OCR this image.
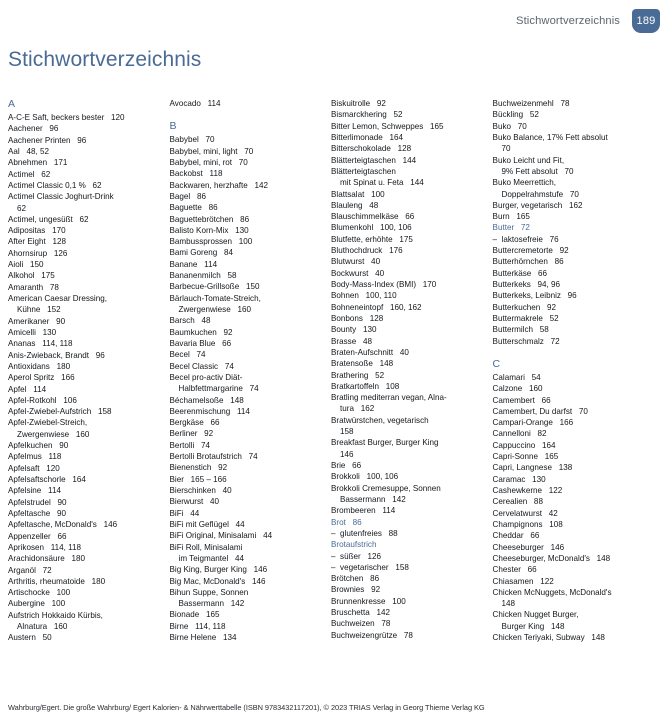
Stichwortverzeichnis	189
Stichwortverzeichnis
A
A-C-E Saft, beckers bester   120
Aachener   96
Aachener Printen   96
Aal   48, 52
Abnehmen   171
Actimel   62
Actimel Classic 0,1 %   62
Actimel Classic Joghurt-Drink
62
Actimel, ungesüßt   62
Adipositas   170
After Eight   128
Ahornsirup   126
Aioli   150
Alkohol   175
Amaranth   78
American Caesar Dressing,
Kühne   152
Amerikaner   90
Amicelli   130
Ananas   114, 118
Anis-Zwieback, Brandt   96
Antioxidans   180
Aperol Spritz   166
Apfel   114
Apfel-Rotkohl   106
Apfel-Zwiebel-Aufstrich   158
Apfel-Zwiebel-Streich,
Zwergenwiese   160
Apfelkuchen   90
Apfelmus   118
Apfelsaft   120
Apfelsaftschorle   164
Apfelsine   114
Apfelstrudel   90
Apfeltasche   90
Apfeltasche, McDonald's   146
Appenzeller   66
Aprikosen   114, 118
Arachidonsäure   180
Arganöl   72
Arthritis, rheumatoide   180
Artischocke   100
Aubergine   100
Aufstrich Hokkaido Kürbis,
Alnatura   160
Austern   50
Avocado   114
B
Babybel   70
Babybel, mini, light   70
Babybel, mini, rot   70
Backobst   118
Backwaren, herzhafte   142
Bagel   86
Baguette   86
Baguettebrötchen   86
Balisto Korn-Mix   130
Bambussprossen   100
Bami Goreng   84
Banane   114
Bananenmilch   58
Barbecue-Grillsoße   150
Bärlauch-Tomate-Streich,
Zwergenwiese   160
Barsch   48
Baumkuchen   92
Bavaria Blue   66
Becel   74
Becel Classic   74
Becel pro-activ Diät-
Halbfettmargarine   74
Béchamelsoße   148
Beerenmischung   114
Bergkäse   66
Berliner   92
Bertolli   74
Bertolli Brotaufstrich   74
Bienenstich   92
Bier   165 – 166
Bierschinken   40
Bierwurst   40
BiFi   44
BiFi mit Geflügel   44
BiFi Original, Minisalami   44
BiFi Roll, Minisalami
im Teigmantel   44
Big King, Burger King   146
Big Mac, McDonald's   146
Bihun Suppe, Sonnen
Bassermann   142
Bionade   165
Birne   114, 118
Birne Helene   134
Biskuitrolle   92
Bismarckhering   52
Bitter Lemon, Schweppes   165
Bitterlimonade   164
Bitterschokolade   128
Blätterteigtaschen   144
Blätterteigtaschen
mit Spinat u. Feta   144
Blattsalat   100
Blauleng   48
Blauschimmelkäse   66
Blumenkohl   100, 106
Blutfette, erhöhte   175
Bluthochdruck   176
Blutwurst   40
Bockwurst   40
Body-Mass-Index (BMI)   170
Bohnen   100, 110
Bohneneintopf   160, 162
Bonbons   128
Bounty   130
Brasse   48
Braten-Aufschnitt   40
Bratensoße   148
Brathering   52
Bratkartoffeln   108
Bratling mediterran vegan, Alna-
tura   162
Bratwürstchen, vegetarisch
158
Breakfast Burger, Burger King
146
Brie   66
Brokkoli   100, 106
Brokkoli Cremesuppe, Sonnen
Bassermann   142
Brombeeren   114
Brot   86
–  glutenfreies   88
Brotaufstrich
–  süßer   126
–  vegetarischer   158
Brötchen   86
Brownies   92
Brunnenkresse   100
Bruschetta   142
Buchweizen   78
Buchweizengrütze   78
Buchweizenmehl   78
Bückling   52
Buko   70
Buko Balance, 17% Fett absolut
70
Buko Leicht und Fit,
9% Fett absolut   70
Buko Meerrettich,
Doppelrahmstufe   70
Burger, vegetarisch   162
Burn   165
Butter   72
–  laktosefreie   76
Buttercremetorte   92
Butterhörnchen   86
Butterkäse   66
Butterkeks   94, 96
Butterkeks, Leibniz   96
Butterkuchen   92
Buttermakrele   52
Buttermilch   58
Butterschmalz   72
C
Calamari   54
Calzone   160
Camembert   66
Camembert, Du darfst   70
Campari-Orange   166
Cannelloni   82
Cappuccino   164
Capri-Sonne   165
Capri, Langnese   138
Caramac   130
Cashewkerne   122
Cerealien   88
Cervelatwurst   42
Champignons   108
Cheddar   66
Cheeseburger   146
Cheeseburger, McDonald's   148
Chester   66
Chiasamen   122
Chicken McNuggets, McDonald's
148
Chicken Nugget Burger,
Burger King   148
Chicken Teriyaki, Subway   148
Wahrburg/Egert. Die große Wahrburg/ Egert Kalorien- & Nährwerttabelle (ISBN 9783432117201), © 2023 TRIAS Verlag in Georg Thieme Verlag KG
